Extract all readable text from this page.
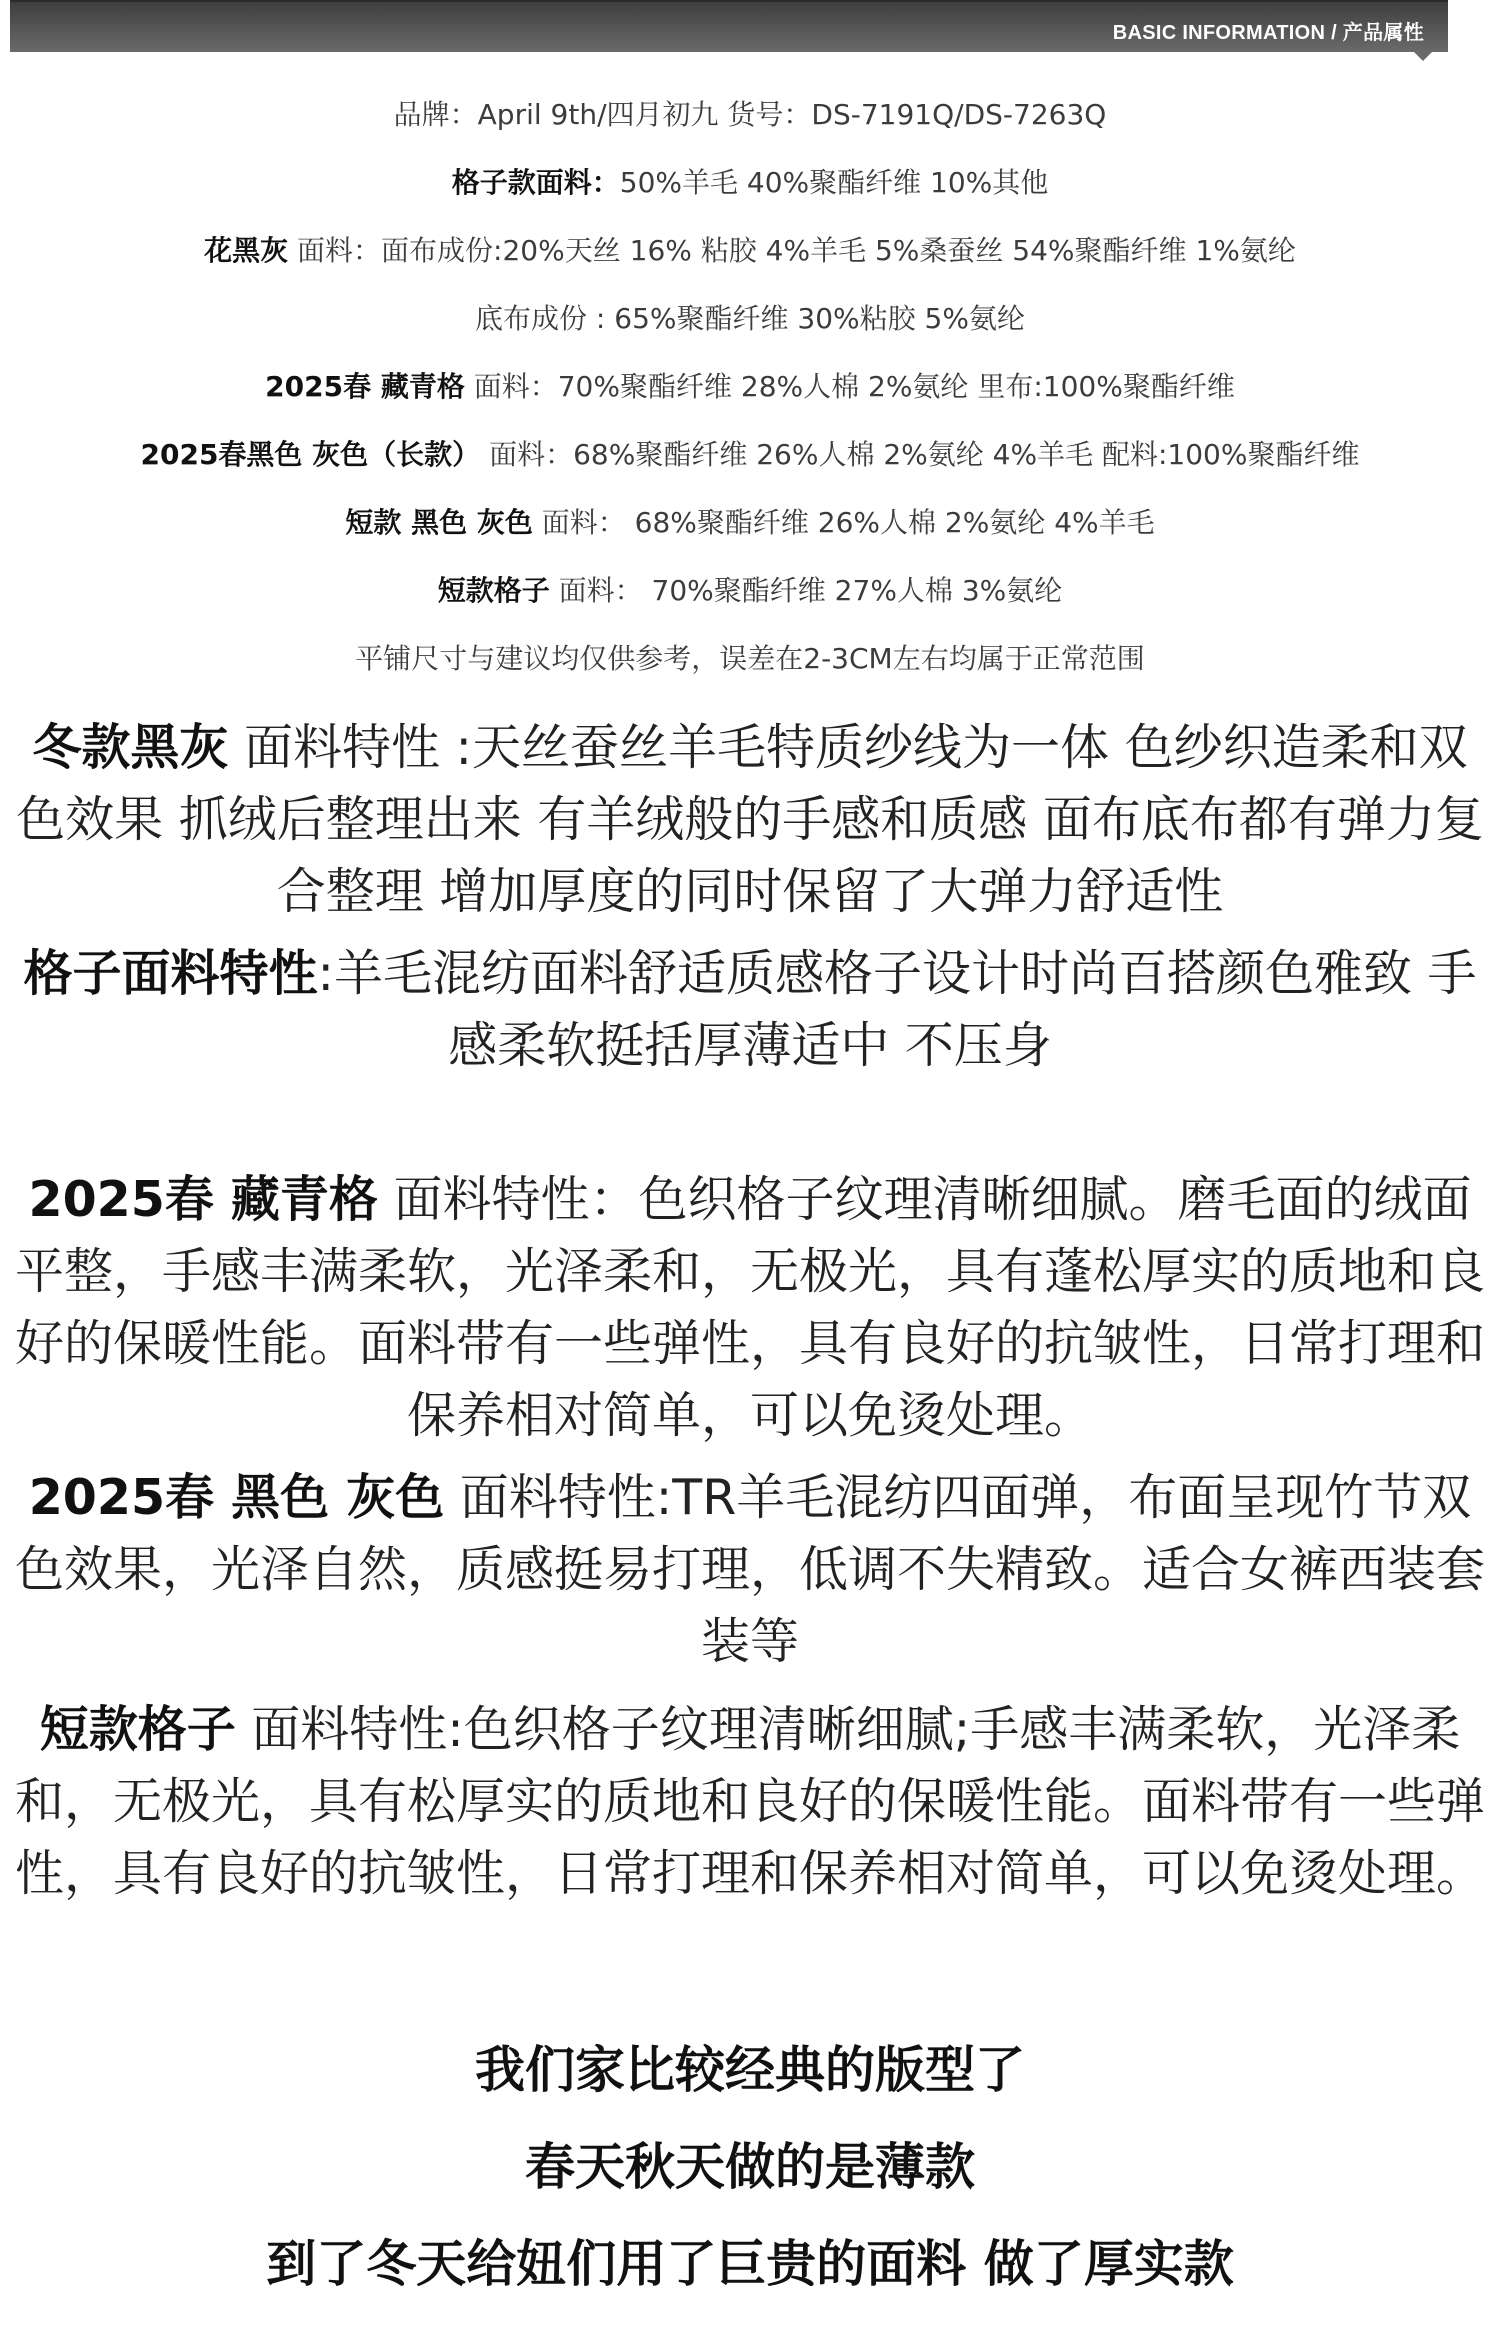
BASIC INFORMATION / 产品属性
品牌：April 9th/四月初九 货号：DS-7191Q/DS-7263Q
格子款面料：50%羊毛 40%聚酯纤维 10%其他
花黑灰 面料：面布成份:20%天丝 16% 粘胶 4%羊毛 5%桑蚕丝 54%聚酯纤维 1%氨纶
底布成份 : 65%聚酯纤维 30%粘胶 5%氨纶
2025春 藏青格 面料：70%聚酯纤维 28%人棉 2%氨纶 里布:100%聚酯纤维
2025春黑色 灰色（长款） 面料：68%聚酯纤维 26%人棉 2%氨纶 4%羊毛 配料:100%聚酯纤维
短款 黑色 灰色 面料： 68%聚酯纤维 26%人棉 2%氨纶 4%羊毛
短款格子 面料： 70%聚酯纤维 27%人棉 3%氨纶
平铺尺寸与建议均仅供参考，误差在2-3CM左右均属于正常范围
冬款黑灰 面料特性 :天丝蚕丝羊毛特质纱线为一体 色纱织造柔和双色效果 抓绒后整理出来 有羊绒般的手感和质感 面布底布都有弹力复合整理 增加厚度的同时保留了大弹力舒适性
格子面料特性:羊毛混纺面料舒适质感格子设计时尚百搭颜色雅致 手感柔软挺括厚薄适中 不压身
2025春 藏青格 面料特性：色织格子纹理清晰细腻。磨毛面的绒面平整，手感丰满柔软，光泽柔和，无极光，具有蓬松厚实的质地和良好的保暖性能。面料带有一些弹性，具有良好的抗皱性，日常打理和保养相对简单，可以免烫处理。
2025春 黑色 灰色 面料特性:TR羊毛混纺四面弹，布面呈现竹节双色效果，光泽自然，质感挺易打理，低调不失精致。适合女裤西装套装等
短款格子 面料特性:色织格子纹理清晰细腻;手感丰满柔软，光泽柔和，无极光，具有松厚实的质地和良好的保暖性能。面料带有一些弹性，具有良好的抗皱性，日常打理和保养相对简单，可以免烫处理。
我们家比较经典的版型了
春天秋天做的是薄款
到了冬天给妞们用了巨贵的面料 做了厚实款
